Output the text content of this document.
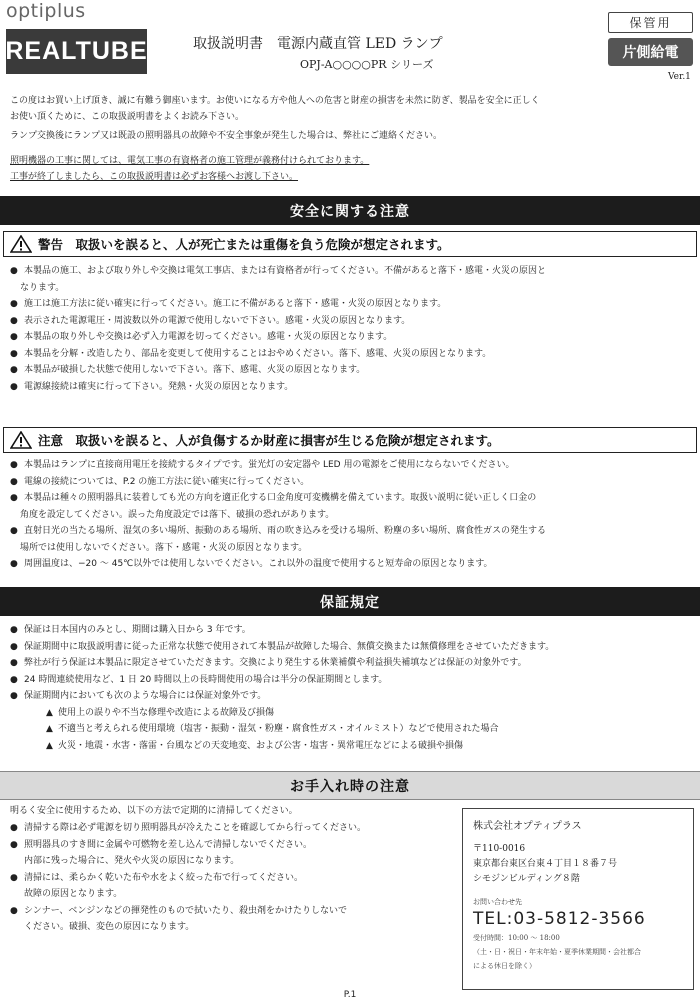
optiplus
REALTUBE	取扱説明書　電源内蔵直管 LED ランプ
OPJ-A○○○○PR シリーズ
保管用
片側給電
Ver.1
この度はお買い上げ頂き、誠に有難う御座います。お使いになる方や他人への危害と財産の損害を未然に防ぎ、製品を安全に正しく
お使い頂くために、この取扱説明書をよくお読み下さい。
ランプ交換後にランプ又は既設の照明器具の故障や不安全事象が発生した場合は、弊社にご連絡ください。
照明機器の工事に関しては、電気工事の有資格者の施工管理が義務付けられております。
工事が終了しましたら、この取扱説明書は必ずお客様へお渡し下さい。
安全に関する注意
警告　取扱いを誤ると、人が死亡または重傷を負う危険が想定されます。
● 本製品の施工、および取り外しや交換は電気工事店、または有資格者が行ってください。不備があると落下・感電・火災の原因と
なります。
● 施工は施工方法に従い確実に行ってください。施工に不備があると落下・感電・火災の原因となります。
● 表示された電源電圧・周波数以外の電源で使用しないで下さい。感電・火災の原因となります。
● 本製品の取り外しや交換は必ず入力電源を切ってください。感電・火災の原因となります。
● 本製品を分解・改造したり、部品を変更して使用することはおやめください。落下、感電、火災の原因となります。
● 本製品が破損した状態で使用しないで下さい。落下、感電、火災の原因となります。
● 電源線接続は確実に行って下さい。発熱・火災の原因となります。
注意　取扱いを誤ると、人が負傷するか財産に損害が生じる危険が想定されます。
● 本製品はランプに直接商用電圧を接続するタイプです。蛍光灯の安定器や LED 用の電源をご使用にならないでください。
● 電線の接続については、P.2 の施工方法に従い確実に行ってください。
● 本製品は種々の照明器具に装着しても光の方向を適正化する口金角度可変機構を備えています。取扱い説明に従い正しく口金の
角度を設定してください。誤った角度設定では落下、破損の恐れがあります。
● 直射日光の当たる場所、湿気の多い場所、振動のある場所、雨の吹き込みを受ける場所、粉塵の多い場所、腐食性ガスの発生する
場所では使用しないでください。落下・感電・火災の原因となります。
● 周囲温度は、−20 〜 45℃以外では使用しないでください。これ以外の温度で使用すると短寿命の原因となります。
保証規定
● 保証は日本国内のみとし、期間は購入日から 3 年です。
● 保証期間中に取扱説明書に従った正常な状態で使用されて本製品が故障した場合、無償交換または無償修理をさせていただきます。
● 弊社が行う保証は本製品に限定させていただきます。交換により発生する休業補償や利益損失補填などは保証の対象外です。
● 24 時間連続使用など、1 日 20 時間以上の長時間使用の場合は半分の保証期間とします。
● 保証期間内においても次のような場合には保証対象外です。
▲ 使用上の誤りや不当な修理や改造による故障及び損傷
▲ 不適当と考えられる使用環境（塩害・振動・湿気・粉塵・腐食性ガス・オイルミスト）などで使用された場合
▲ 火災・地震・水害・落雷・台風などの天変地変、および公害・塩害・異常電圧などによる破損や損傷
お手入れ時の注意
明るく安全に使用するため、以下の方法で定期的に清掃してください。
● 清掃する際は必ず電源を切り照明器具が冷えたことを確認してから行ってください。
● 照明器具のすき間に金属や可燃物を差し込んで清掃しないでください。
内部に残った場合に、発火や火災の原因になります。
● 清掃には、柔らかく乾いた布や水をよく絞った布で行ってください。
故障の原因となります。
● シンナー、ベンジンなどの揮発性のもので拭いたり、殺虫剤をかけたりしないで
ください。破損、変色の原因になります。
株式会社オプティプラス
〒110-0016
東京都台東区台東４丁目１８番７号
シモジンビルディング８階
お問い合わせ先
TEL:03-5812-3566
受付時間：10:00 〜 18:00
（土・日・祝日・年末年始・夏季休業期間・会社都合
による休日を除く）
P.1
